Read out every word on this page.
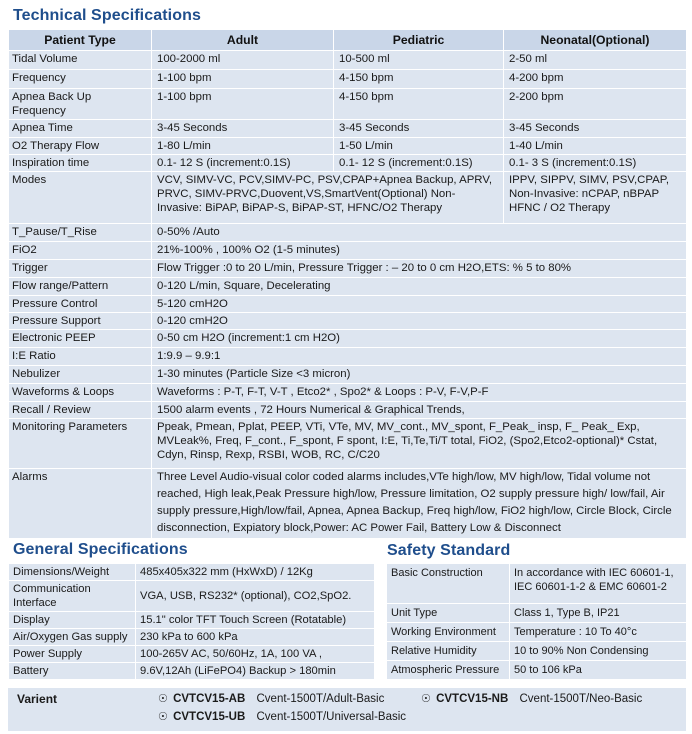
Technical Specifications
Patient Type	Adult	Pediatric	Neonatal(Optional)
Tidal Volume	100-2000 ml	10-500 ml	2-50 ml
Frequency	1-100 bpm	4-150 bpm	4-200 bpm
Apnea Back Up Frequency	1-100 bpm	4-150 bpm	2-200 bpm
Apnea Time	3-45 Seconds	3-45 Seconds	3-45 Seconds
O2 Therapy Flow	1-80 L/min	1-50 L/min	1-40 L/min
Inspiration time	0.1- 12 S (increment:0.1S)	0.1- 12 S (increment:0.1S)	0.1- 3 S (increment:0.1S)
Modes	VCV, SIMV-VC, PCV,SIMV-PC, PSV,CPAP+Apnea Backup, APRV, PRVC, SIMV-PRVC,Duovent,VS,SmartVent(Optional) Non-Invasive: BiPAP, BiPAP-S, BiPAP-ST, HFNC/O2 Therapy		IPPV, SIPPV, SIMV, PSV,CPAP, Non-Invasive: nCPAP, nBPAP HFNC / O2 Therapy
T_Pause/T_Rise	0-50% /Auto		
FiO2	21%-100% , 100% O2 (1-5 minutes)		
Trigger	Flow Trigger :0 to 20 L/min, Pressure Trigger : – 20 to 0 cm H2O,ETS: % 5 to 80%		
Flow range/Pattern	0-120 L/min, Square, Decelerating		
Pressure Control	5-120 cmH2O		
Pressure Support	0-120 cmH2O		
Electronic PEEP	0-50 cm H2O (increment:1 cm H2O)		
I:E Ratio	1:9.9 – 9.9:1		
Nebulizer	1-30 minutes (Particle Size <3 micron)		
Waveforms & Loops	Waveforms : P-T, F-T, V-T , Etco2* , Spo2* & Loops : P-V, F-V,P-F		
Recall / Review	1500 alarm events , 72 Hours Numerical & Graphical Trends,		
Monitoring Parameters	Ppeak, Pmean, Pplat, PEEP, VTi, VTe, MV, MV_cont., MV_spont, F_Peak_ insp, F_ Peak_ Exp, MVLeak%, Freq, F_cont., F_spont, F spont, I:E, Ti,Te,Ti/T total, FiO2, (Spo2,Etco2-optional)* Cstat, Cdyn, Rinsp, Rexp, RSBI, WOB, RC, C/C20		
Alarms	Three Level Audio-visual color coded alarms includes,VTe high/low, MV high/low, Tidal volume not reached, High leak,Peak Pressure high/low, Pressure limitation, O2 supply pressure high/ low/fail, Air supply pressure,High/low/fail, Apnea, Apnea Backup, Freq high/low, FiO2 high/low, Circle Block, Circle disconnection, Expiatory block,Power: AC Power Fail, Battery Low & Disconnect		
General Specifications
Dimensions/Weight	485x405x322 mm (HxWxD) / 12Kg
Communication Interface	VGA, USB, RS232* (optional), CO2,SpO2.
Display	15.1" color TFT Touch Screen (Rotatable)
Air/Oxygen Gas supply	230 kPa to 600 kPa
Power Supply	100-265V AC, 50/60Hz, 1A, 100 VA ,
Battery	9.6V,12Ah (LiFePO4) Backup > 180min
Safety Standard
Basic Construction	In accordance with IEC 60601-1, IEC 60601-1-2 & EMC 60601-2
Unit Type	Class 1, Type B, IP21
Working Environment	Temperature : 10 To 40°c
Relative Humidity	10 to 90% Non Condensing
Atmospheric Pressure	50 to 106 kPa
Varient	☉ CVTCV15-AB Cvent-1500T/Adult-Basic	☉ CVTCV15-NB Cvent-1500T/Neo-Basic
☉ CVTCV15-UB Cvent-1500T/Universal-Basic
